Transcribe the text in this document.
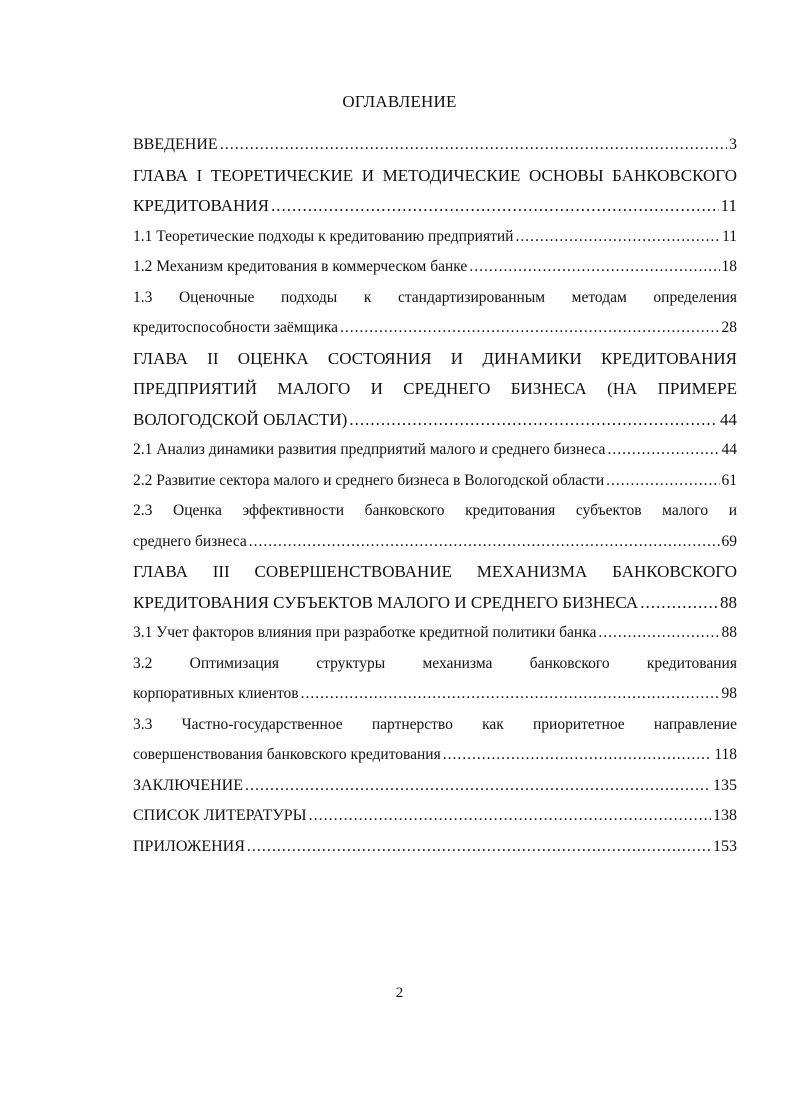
ОГЛАВЛЕНИЕ
ВВЕДЕНИЕ .....	3
ГЛАВА I ТЕОРЕТИЧЕСКИЕ И МЕТОДИЧЕСКИЕ ОСНОВЫ БАНКОВСКОГО
КРЕДИТОВАНИЯ .....	11
1.1 Теоретические подходы к кредитованию предприятий .....	11
1.2 Механизм кредитования в коммерческом банке .....	18
1.3 Оценочные подходы к стандартизированным методам определения
кредитоспособности заёмщика .....	28
ГЛАВА II ОЦЕНКА СОСТОЯНИЯ И ДИНАМИКИ КРЕДИТОВАНИЯ
ПРЕДПРИЯТИЙ МАЛОГО И СРЕДНЕГО БИЗНЕСА (НА ПРИМЕРЕ
ВОЛОГОДСКОЙ ОБЛАСТИ) .....	44
2.1 Анализ динамики развития предприятий малого и среднего бизнеса .....	44
2.2 Развитие сектора малого и среднего бизнеса в Вологодской области .....	61
2.3 Оценка эффективности банковского кредитования субъектов малого и
среднего бизнеса .....	69
ГЛАВА III СОВЕРШЕНСТВОВАНИЕ МЕХАНИЗМА БАНКОВСКОГО
КРЕДИТОВАНИЯ СУБЪЕКТОВ МАЛОГО И СРЕДНЕГО БИЗНЕСА .....	88
3.1 Учет факторов влияния при разработке кредитной политики банка .....	88
3.2 Оптимизация структуры механизма банковского кредитования
корпоративных клиентов .....	98
3.3 Частно-государственное партнерство как приоритетное направление
совершенствования банковского кредитования .....	118
ЗАКЛЮЧЕНИЕ .....	135
СПИСОК ЛИТЕРАТУРЫ .....	138
ПРИЛОЖЕНИЯ .....	153
2
